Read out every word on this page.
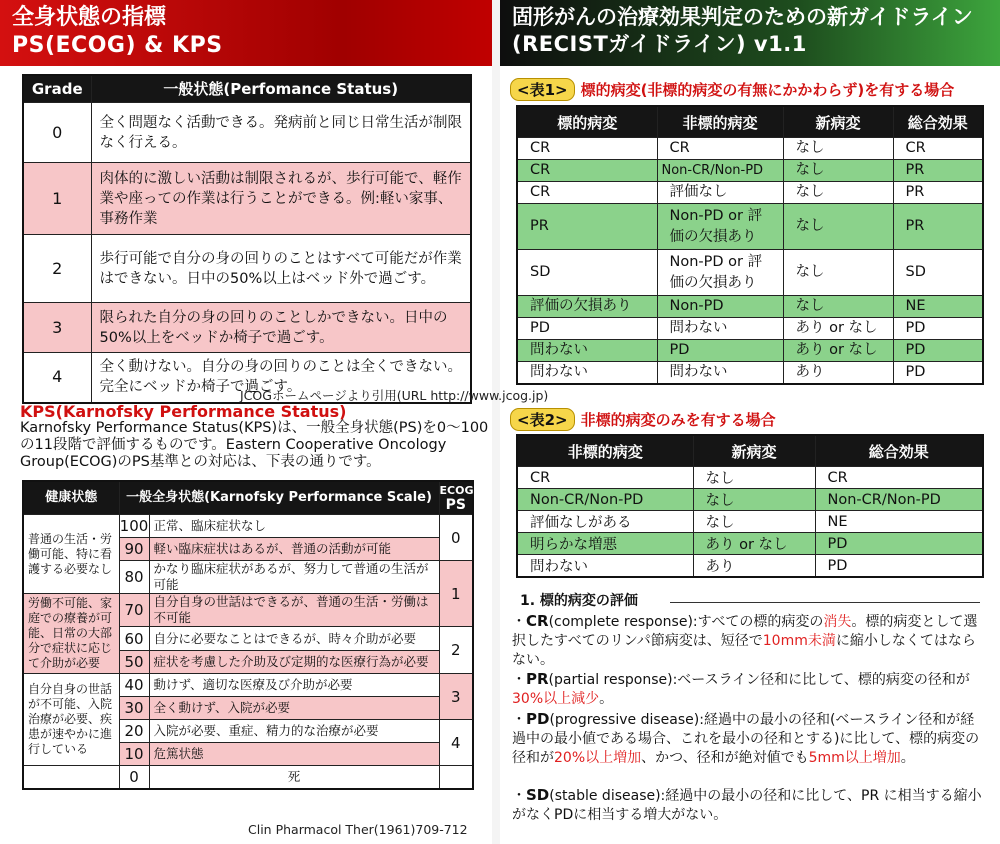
全身状態の指標
PS(ECOG) & KPS
Grade	一般状態(Perfomance Status)
0	全く問題なく活動できる。発病前と同じ日常生活が制限なく行える。
1	肉体的に激しい活動は制限されるが、歩行可能で、軽作業や座っての作業は行うことができる。例:軽い家事、事務作業
2	歩行可能で自分の身の回りのことはすべて可能だが作業はできない。日中の50%以上はベッド外で過ごす。
3	限られた自分の身の回りのことしかできない。日中の50%以上をベッドか椅子で過ごす。
4	全く動けない。自分の身の回りのことは全くできない。完全にベッドか椅子で過ごす。
JCOGホームページより引用(URL http://www.jcog.jp)
KPS(Karnofsky Performance Status)
Karnofsky Performance Status(KPS)は、一般全身状態(PS)を0〜100の11段階で評価するものです。Eastern Cooperative Oncology Group(ECOG)のPS基準との対応は、下表の通りです。
健康状態	一般全身状態(Karnofsky Performance Scale)		ECOG
PS

普通の生活・労働可能、特に看護する必要なし	100	正常、臨床症状なし	0
	90	軽い臨床症状はあるが、普通の活動が可能	
	80	かなり臨床症状があるが、努力して普通の生活が可能	1
労働不可能、家庭での療養が可能、日常の大部分で症状に応じて介助が必要	70	自分自身の世話はできるが、普通の生活・労働は不可能	
	60	自分に必要なことはできるが、時々介助が必要	2
	50	症状を考慮した介助及び定期的な医療行為が必要	
自分自身の世話が不可能、入院治療が必要、疾患が速やかに進行している	40	動けず、適切な医療及び介助が必要	3
	30	全く動けず、入院が必要	
	20	入院が必要、重症、精力的な治療が必要	4
	10	危篤状態	
	0	死	
Clin Pharmacol Ther(1961)709-712
固形がんの治療効果判定のための新ガイドライン
(RECISTガイドライン) v1.1
<表1> 標的病変(非標的病変の有無にかかわらず)を有する場合
標的病変	非標的病変	新病変	総合効果
CR	CR	なし	CR
CR	Non-CR/Non-PD	なし	PR
CR	評価なし	なし	PR
PR	Non-PD or 評価の欠損あり	なし	PR
SD	Non-PD or 評価の欠損あり	なし	SD
評価の欠損あり	Non-PD	なし	NE
PD	問わない	あり or なし	PD
問わない	PD	あり or なし	PD
問わない	問わない	あり	PD
<表2> 非標的病変のみを有する場合
非標的病変	新病変	総合効果
CR	なし	CR
Non-CR/Non-PD	なし	Non-CR/Non-PD
評価なしがある	なし	NE
明らかな増悪	あり or なし	PD
問わない	あり	PD
1. 標的病変の評価
・CR(complete response):すべての標的病変の消失。標的病変として選択したすべてのリンパ節病変は、短径で10mm未満に縮小しなくてはならない。
・PR(partial response):ベースライン径和に比して、標的病変の径和が30%以上減少。
・PD(progressive disease):経過中の最小の径和(ベースライン径和が経過中の最小値である場合、これを最小の径和とする)に比して、標的病変の径和が20%以上増加、かつ、径和が絶対値でも5mm以上増加。
・SD(stable disease):経過中の最小の径和に比して、PR に相当する縮小がなくPDに相当する増大がない。
